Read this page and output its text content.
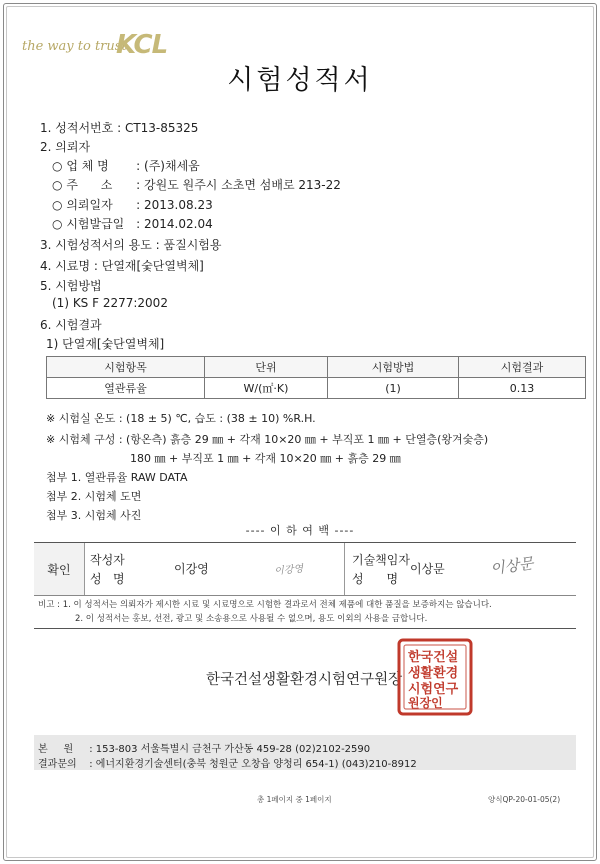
the way to trust
KCL
시험성적서
1. 성적서번호 : CT13-85325
2. 의뢰자
○ 업 체 명 : (주)채세움
○ 주      소 : 강원도 원주시 소초면 섬배로 213-22
○ 의뢰일자 : 2013.08.23
○ 시험발급일 : 2014.02.04
3. 시험성적서의 용도 : 품질시험용
4. 시료명 : 단열재[숯단열벽체]
5. 시험방법
(1) KS F 2277:2002
6. 시험결과
1) 단열재[숯단열벽체]
시험항목	단위	시험방법	시험결과
열관류율	W/(㎡·K)	(1)	0.13
※ 시험실 온도 : (18 ± 5) ℃, 습도 : (38 ± 10) %R.H.
※ 시험체 구성 : (항온측) 흙층 29 ㎜ + 각재 10×20 ㎜ + 부직포 1 ㎜ + 단열층(왕겨숯층)
180 ㎜ + 부직포 1 ㎜ + 각재 10×20 ㎜ + 흙층 29 ㎜
첨부 1. 열관류율 RAW DATA
첨부 2. 시험체 도면
첨부 3. 시험체 사진
---- 이 하 여 백 ----
확인
작성자
성   명
이강영	이강영
기술책임자
성      명
이상문	이상문
비고 : 1. 이 성적서는 의뢰자가 제시한 시료 및 시료명으로 시험한 결과로서 전체 제품에 대한 품질을 보증하지는 않습니다.
2. 이 성적서는 홍보, 선전, 광고 및 소송용으로 사용될 수 없으며, 용도 이외의 사용을 금합니다.
한국건설생활환경시험연구원장
한국건설
생활환경
시험연구
원장인
본     원 : 153-803 서울특별시 금천구 가산동 459-28 (02)2102-2590
결과문의 : 에너지환경기술센터(충북 청원군 오창읍 양청리 654-1) (043)210-8912
총 1페이지 중 1페이지	양식QP-20-01-05(2)
